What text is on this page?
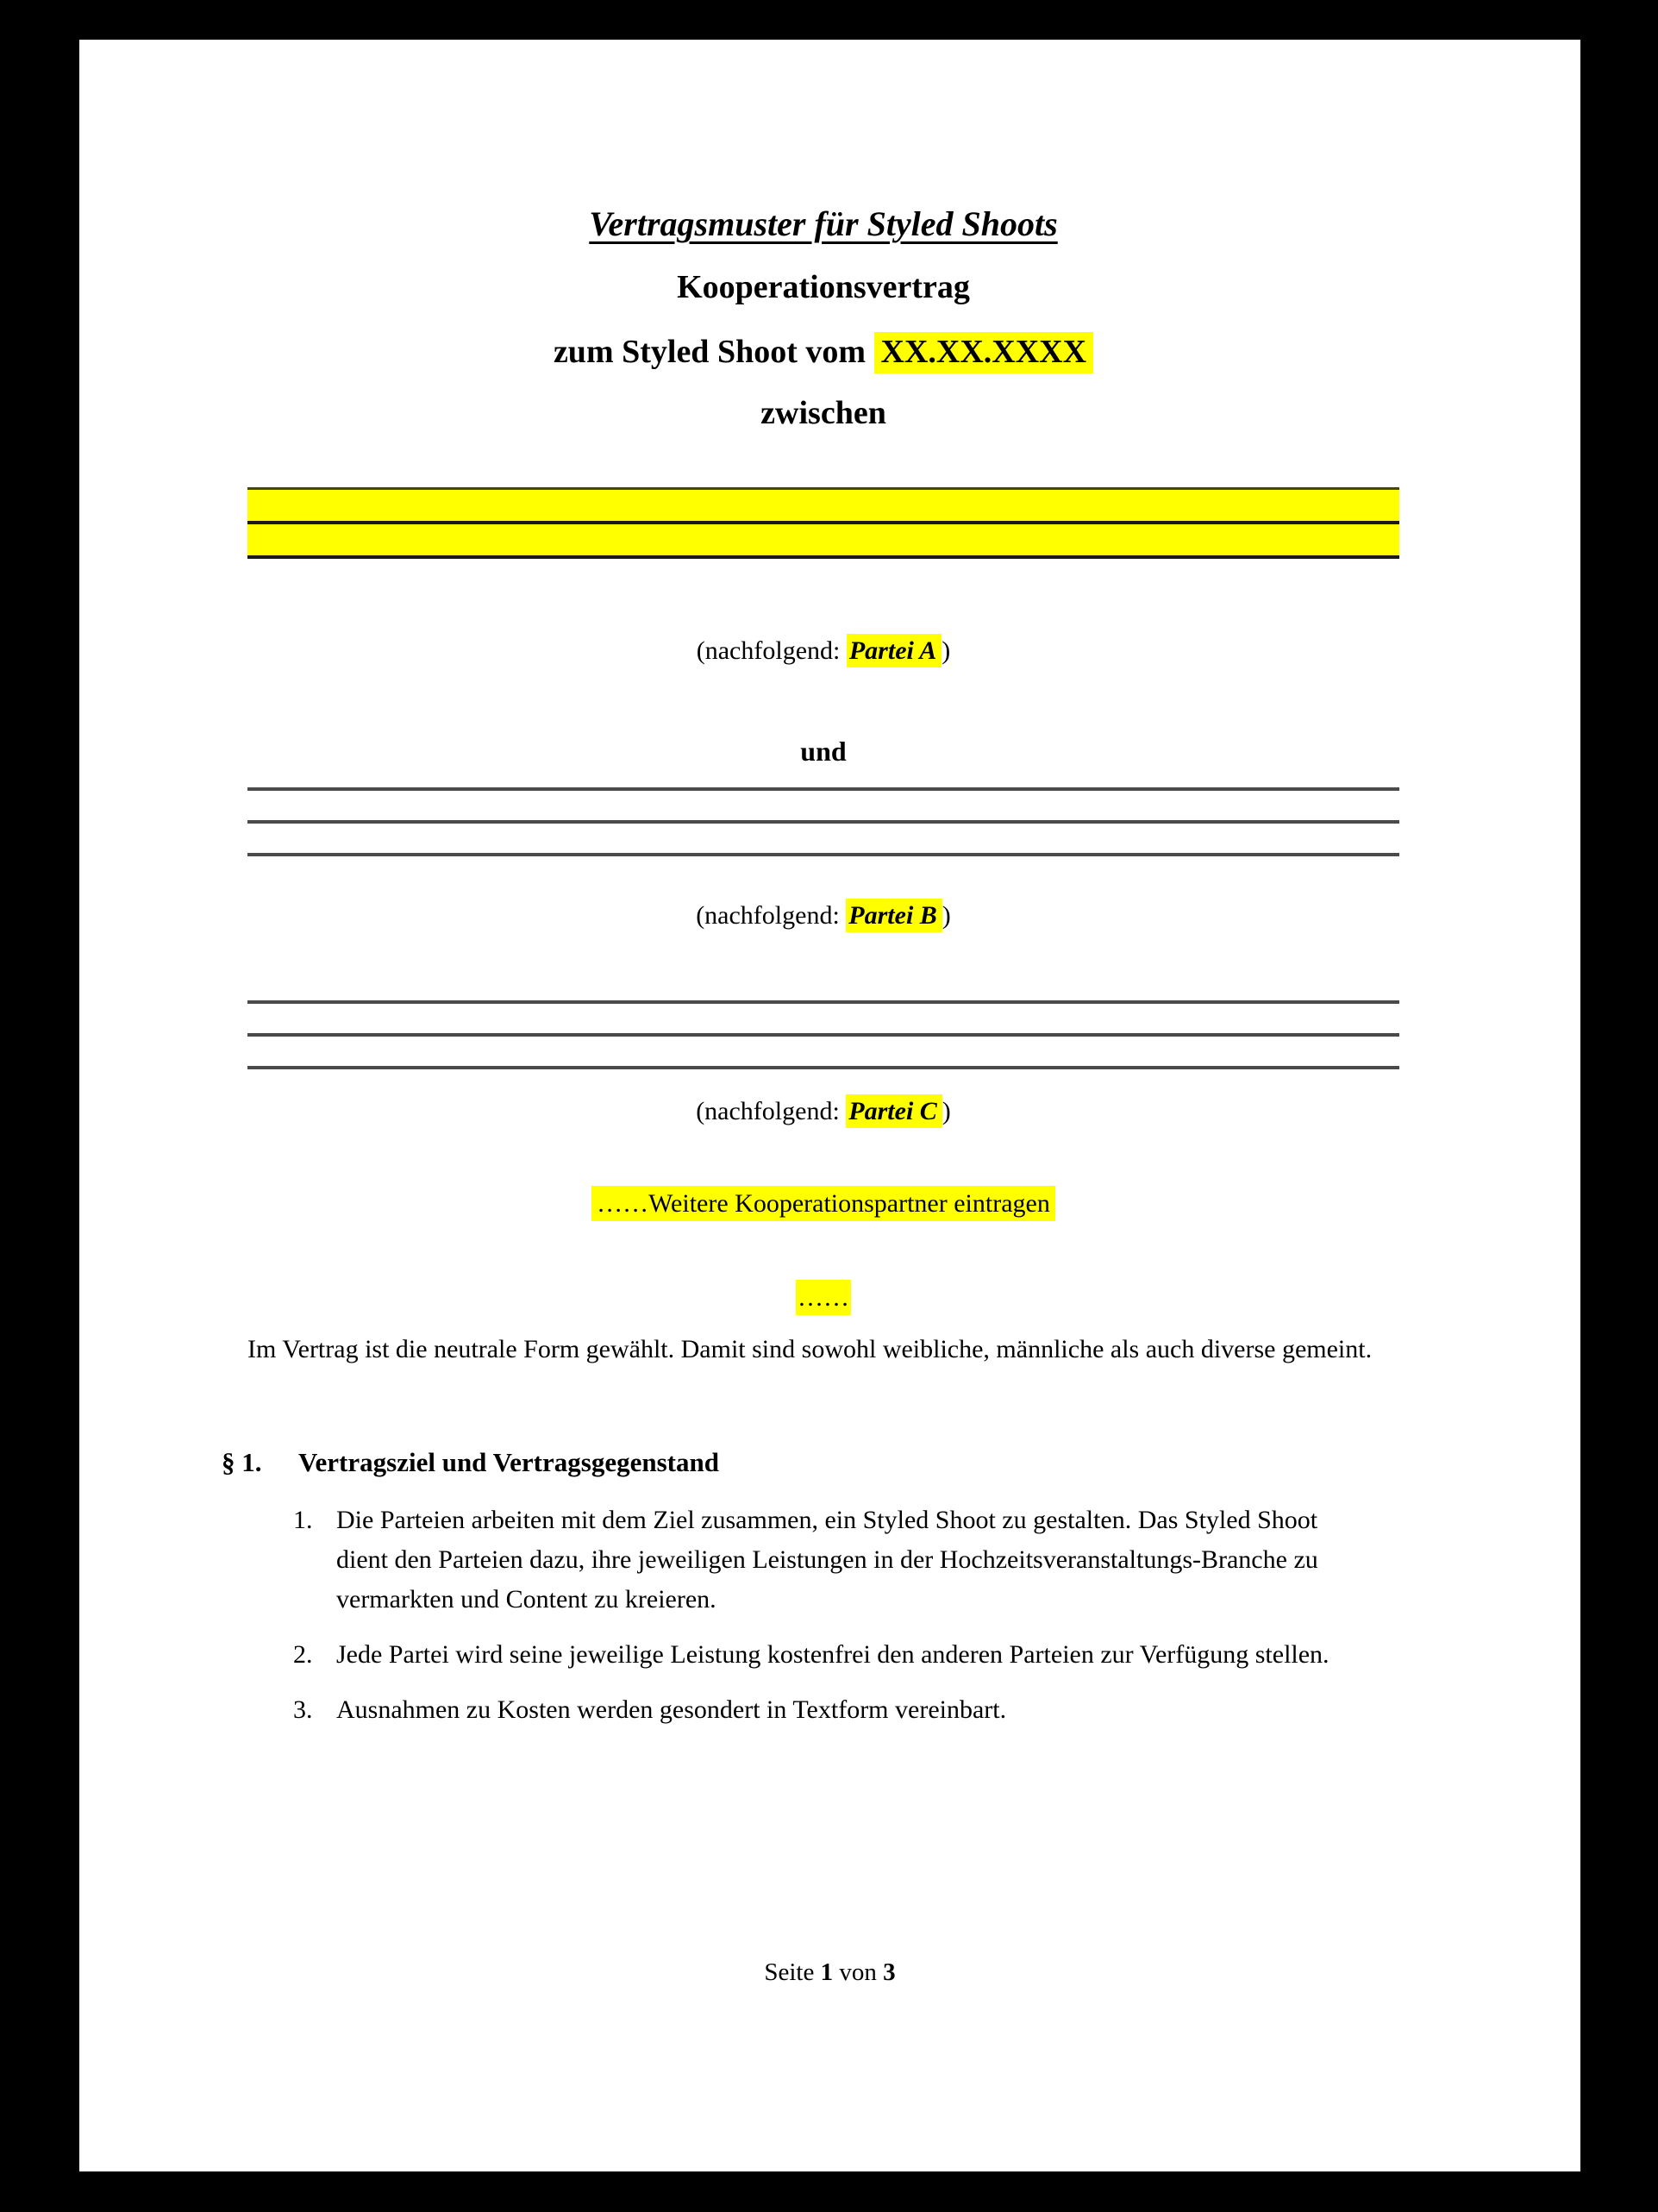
Vertragsmuster für Styled Shoots
Kooperationsvertrag
zum Styled Shoot vom XX.XX.XXXX
zwischen
(nachfolgend: Partei A )
und
(nachfolgend: Partei B )
(nachfolgend: Partei C )
……Weitere Kooperationspartner eintragen
……
Im Vertrag ist die neutrale Form gewählt. Damit sind sowohl weibliche, männliche als auch diverse gemeint.
§ 1.	Vertragsziel und Vertragsgegenstand
1. Die Parteien arbeiten mit dem Ziel zusammen, ein Styled Shoot zu gestalten. Das Styled Shoot dient den Parteien dazu, ihre jeweiligen Leistungen in der Hochzeitsveranstaltungs-Branche zu vermarkten und Content zu kreieren.
2. Jede Partei wird seine jeweilige Leistung kostenfrei den anderen Parteien zur Verfügung stellen.
3. Ausnahmen zu Kosten werden gesondert in Textform vereinbart.
Seite 1 von 3
